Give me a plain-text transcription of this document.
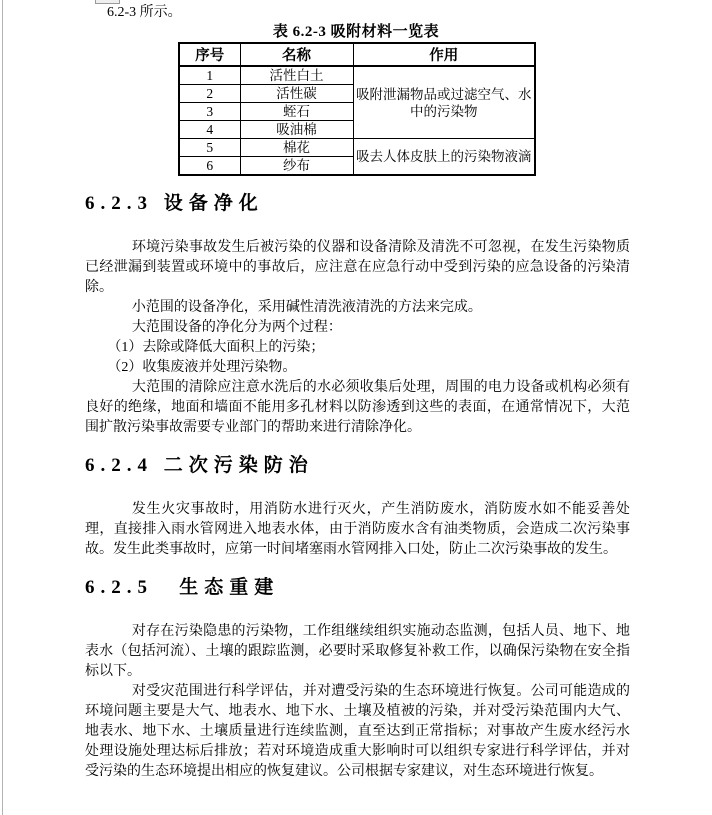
6.2-3 所示。
表 6.2-3 吸附材料一览表
序号	名称	作用
1	活性白土	吸附泄漏物品或过滤空气、水中的污染物
2	活性碳	
3	蛭石	
4	吸油棉	
5	棉花	吸去人体皮肤上的污染物液滴
6	纱布	
6.2.3 设备净化

环境污染事故发生后被污染的仪器和设备清除及清洗不可忽视，在发生污染物质已经泄漏到装置或环境中的事故后，应注意在应急行动中受到污染的应急设备的污染清除。

小范围的设备净化，采用碱性清洗液清洗的方法来完成。

大范围设备的净化分为两个过程：

（1）去除或降低大面积上的污染；

（2）收集废液并处理污染物。

大范围的清除应注意水洗后的水必须收集后处理，周围的电力设备或机构必须有良好的绝缘，地面和墙面不能用多孔材料以防渗透到这些的表面，在通常情况下，大范围扩散污染事故需要专业部门的帮助来进行清除净化。

6.2.4 二次污染防治

发生火灾事故时，用消防水进行灭火，产生消防废水，消防废水如不能妥善处理，直接排入雨水管网进入地表水体，由于消防废水含有油类物质，会造成二次污染事故。发生此类事故时，应第一时间堵塞雨水管网排入口处，防止二次污染事故的发生。

6.2.5  生态重建

对存在污染隐患的污染物，工作组继续组织实施动态监测，包括人员、地下、地表水（包括河流）、土壤的跟踪监测，必要时采取修复补救工作，以确保污染物在安全指标以下。

对受灾范围进行科学评估，并对遭受污染的生态环境进行恢复。公司可能造成的环境问题主要是大气、地表水、地下水、土壤及植被的污染，并对受污染范围内大气、地表水、地下水、土壤质量进行连续监测，直至达到正常指标；对事故产生废水经污水处理设施处理达标后排放；若对环境造成重大影响时可以组织专家进行科学评估，并对受污染的生态环境提出相应的恢复建议。公司根据专家建议，对生态环境进行恢复。
